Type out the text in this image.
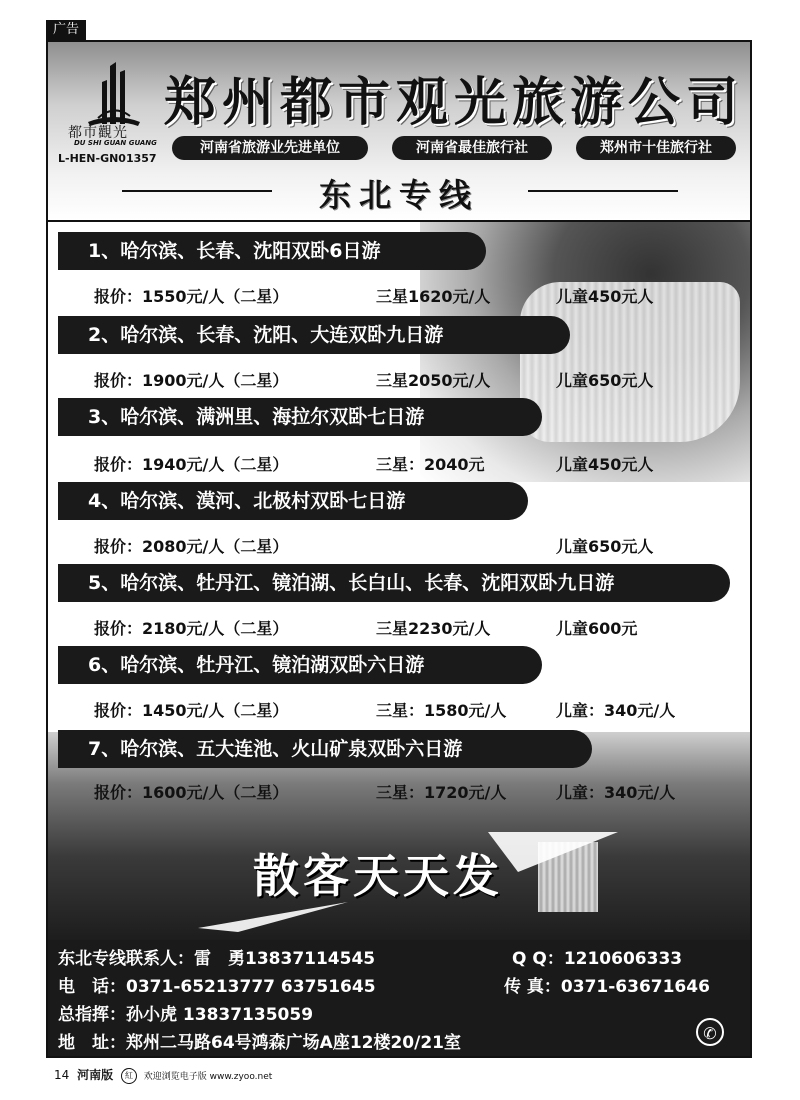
广告
都市觀光
DU SHI GUAN GUANG
L-HEN-GN01357
郑州都市观光旅游公司
河南省旅游业先进单位	河南省最佳旅行社	郑州市十佳旅行社
东北专线
1、哈尔滨、长春、沈阳双卧6日游
报价：1550元/人（二星）	三星1620元/人	儿童450元人
2、哈尔滨、长春、沈阳、大连双卧九日游
报价：1900元/人（二星）	三星2050元/人	儿童650元人
3、哈尔滨、满洲里、海拉尔双卧七日游
报价：1940元/人（二星）	三星：2040元	儿童450元人
4、哈尔滨、漠河、北极村双卧七日游
报价：2080元/人（二星）	儿童650元人
5、哈尔滨、牡丹江、镜泊湖、长白山、长春、沈阳双卧九日游
报价：2180元/人（二星）	三星2230元/人	儿童600元
6、哈尔滨、牡丹江、镜泊湖双卧六日游
报价：1450元/人（二星）	三星：1580元/人	儿童：340元/人
7、哈尔滨、五大连池、火山矿泉双卧六日游
报价：1600元/人（二星）	三星：1720元/人	儿童：340元/人
散客天天发
东北专线联系人：雷　勇13837114545	Q Q：1210606333
电　话：0371-65213777 63751645	传 真：0371-63671646
总指挥：孙小虎 13837135059
地　址：郑州二马路64号鸿森广场A座12楼20/21室	✆
14 河南版 紅 欢迎浏览电子版 www.zyoo.net
